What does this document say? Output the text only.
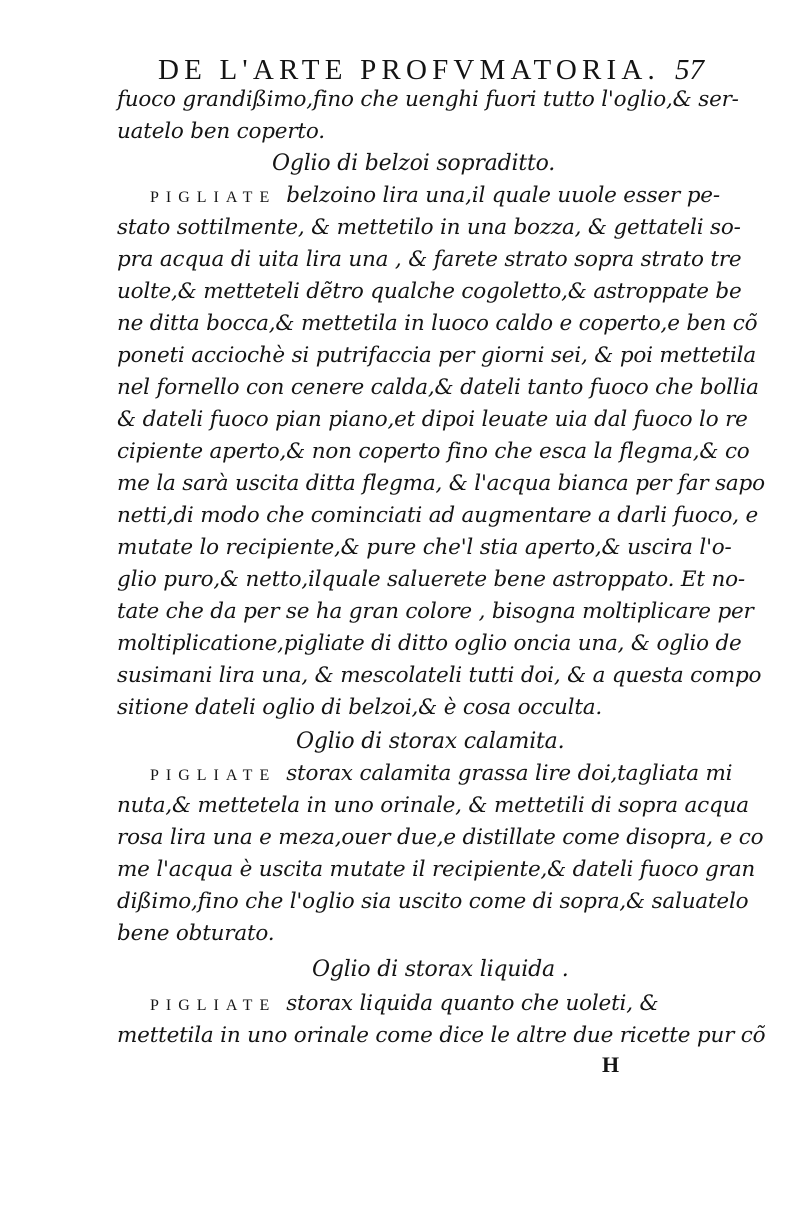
DE L'ARTE PROFVMATORIA. 57
fuoco grandißimo,fino che uenghi fuori tutto l'oglio,& ser-
uatelo ben coperto.
Oglio di belzoi sopraditto.
PIGLIATE belzoino lira una,il quale uuole esser pe-
stato sottilmente, & mettetilo in una bozza, & gettateli so-
pra acqua di uita lira una , & farete strato sopra strato tre
uolte,& metteteli dẽtro qualche cogoletto,& astroppate be
ne ditta bocca,& mettetila in luoco caldo e coperto,e ben cõ
poneti acciochè si putrifaccia per giorni sei, & poi mettetila
nel fornello con cenere calda,& dateli tanto fuoco che bollia
& dateli fuoco pian piano,et dipoi leuate uia dal fuoco lo re
cipiente aperto,& non coperto fino che esca la flegma,& co
me la sarà uscita ditta flegma, & l'acqua bianca per far sapo
netti,di modo che cominciati ad augmentare a darli fuoco, e
mutate lo recipiente,& pure che'l stia aperto,& uscira l'o-
glio puro,& netto,ilquale saluerete bene astroppato. Et no-
tate che da per se ha gran colore , bisogna moltiplicare per
moltiplicatione,pigliate di ditto oglio oncia una, & oglio de
susimani lira una, & mescolateli tutti doi, & a questa compo
sitione dateli oglio di belzoi,& è cosa occulta.
Oglio di storax calamita.
PIGLIATE storax calamita grassa lire doi,tagliata mi
nuta,& mettetela in uno orinale, & mettetili di sopra acqua
rosa lira una e meza,ouer due,e distillate come disopra, e co
me l'acqua è uscita mutate il recipiente,& dateli fuoco gran
dißimo,fino che l'oglio sia uscito come di sopra,& saluatelo
bene obturato.
Oglio di storax liquida .
PIGLIATE storax liquida quanto che uoleti, &
mettetila in uno orinale come dice le altre due ricette pur cõ
H
